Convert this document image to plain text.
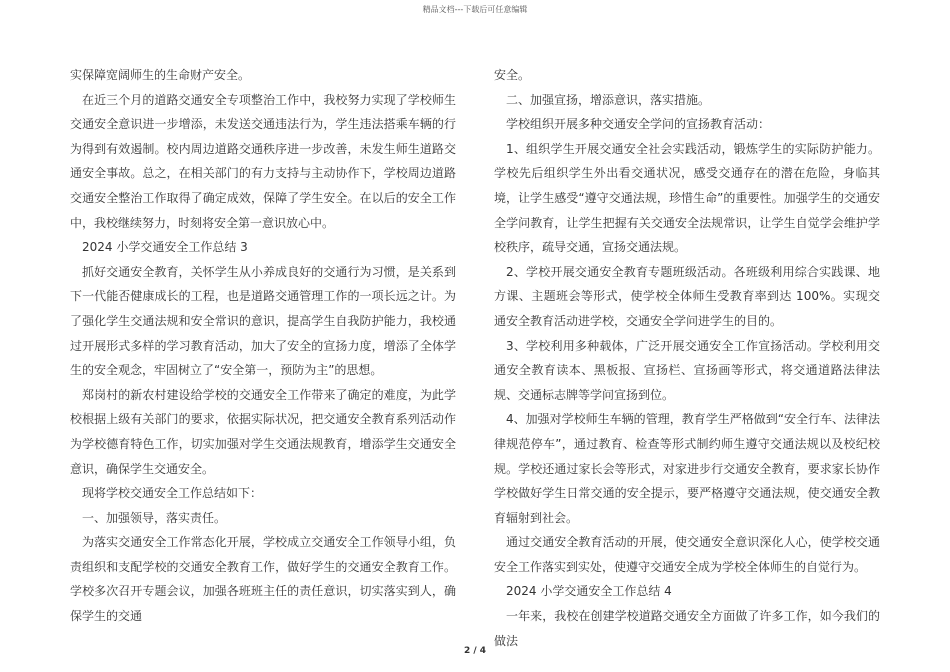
精品文档---下载后可任意编辑

实保障宽阔师生的生命财产安全。

在近三个月的道路交通安全专项整治工作中，我校努力实现了学校师生交通安全意识进一步增添，未发送交通违法行为，学生违法搭乘车辆的行为得到有效遏制。校内周边道路交通秩序进一步改善，未发生师生道路交通安全事故。总之，在相关部门的有力支持与主动协作下，学校周边道路交通安全整治工作取得了确定成效，保障了学生安全。在以后的安全工作中，我校继续努力，时刻将安全第一意识放心中。

2024 小学交通安全工作总结 3

抓好交通安全教育，关怀学生从小养成良好的交通行为习惯，是关系到下一代能否健康成长的工程，也是道路交通管理工作的一项长远之计。为了强化学生交通法规和安全常识的意识，提高学生自我防护能力，我校通过开展形式多样的学习教育活动，加大了安全的宣扬力度，增添了全体学生的安全观念，牢固树立了“安全第一，预防为主”的思想。

郑岗村的新农村建设给学校的交通安全工作带来了确定的难度，为此学校根据上级有关部门的要求，依据实际状况，把交通安全教育系列活动作为学校德育特色工作，切实加强对学生交通法规教育，增添学生交通安全意识，确保学生交通安全。

现将学校交通安全工作总结如下：

一、加强领导，落实责任。

为落实交通安全工作常态化开展，学校成立交通安全工作领导小组，负责组织和支配学校的交通安全教育工作，做好学生的交通安全教育工作。学校多次召开专题会议，加强各班班主任的责任意识，切实落实到人，确保学生的交通

安全。

二、加强宣扬，增添意识，落实措施。

学校组织开展多种交通安全学问的宣扬教育活动：

1、组织学生开展交通安全社会实践活动，锻炼学生的实际防护能力。学校先后组织学生外出看交通状况，感受交通存在的潜在危险，身临其境，让学生感受“遵守交通法规，珍惜生命”的重要性。加强学生的交通安全学问教育，让学生把握有关交通安全法规常识，让学生自觉学会维护学校秩序，疏导交通，宣扬交通法规。

2、学校开展交通安全教育专题班级活动。各班级利用综合实践课、地方课、主题班会等形式，使学校全体师生受教育率到达 100%。实现交通安全教育活动进学校，交通安全学问进学生的目的。

3、学校利用多种载体，广泛开展交通安全工作宣扬活动。学校利用交通安全教育读本、黑板报、宣扬栏、宣扬画等形式，将交通道路法律法规、交通标志牌等学问宣扬到位。

4、加强对学校师生车辆的管理，教育学生严格做到“安全行车、法律法律规范停车”，通过教育、检查等形式制约师生遵守交通法规以及校纪校规。学校还通过家长会等形式，对家进步行交通安全教育，要求家长协作学校做好学生日常交通的安全提示，要严格遵守交通法规，使交通安全教育辐射到社会。

通过交通安全教育活动的开展，使交通安全意识深化人心，使学校交通安全工作落实到实处，使遵守交通安全成为学校全体师生的自觉行为。

2024 小学交通安全工作总结 4

一年来，我校在创建学校道路交通安全方面做了许多工作，如今我们的做法

2 / 4
